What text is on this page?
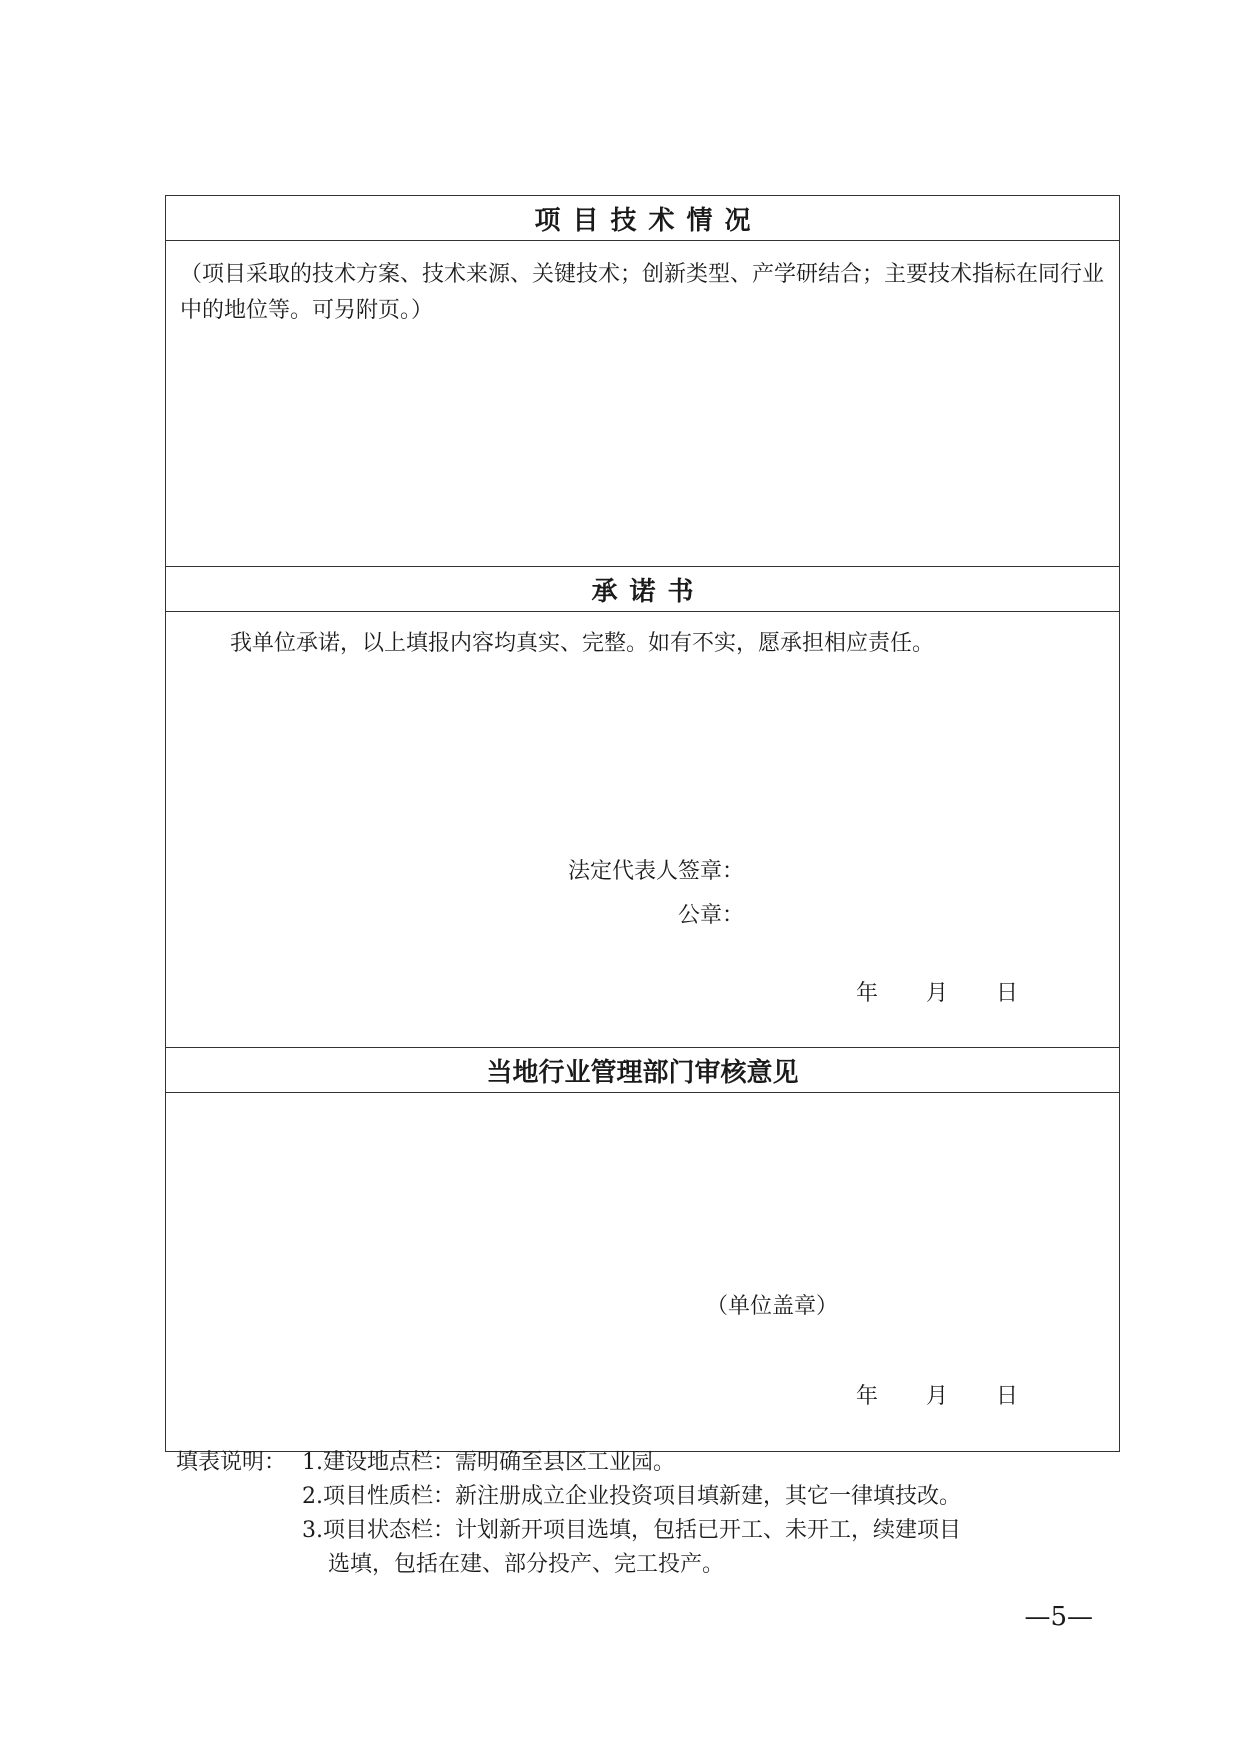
项目技术情况
（项目采取的技术方案、技术来源、关键技术；创新类型、产学研结合；主要技术指标在同行业中的地位等。可另附页。）
承诺书
我单位承诺，以上填报内容均真实、完整。如有不实，愿承担相应责任。
法定代表人签章：
公章：
年 月 日
当地行业管理部门审核意见
（单位盖章）
年 月 日
填表说明： 1.建设地点栏：需明确至县区工业园。
2.项目性质栏：新注册成立企业投资项目填新建，其它一律填技改。
3.项目状态栏：计划新开项目选填，包括已开工、未开工，续建项目
选填，包括在建、部分投产、完工投产。
—5—
